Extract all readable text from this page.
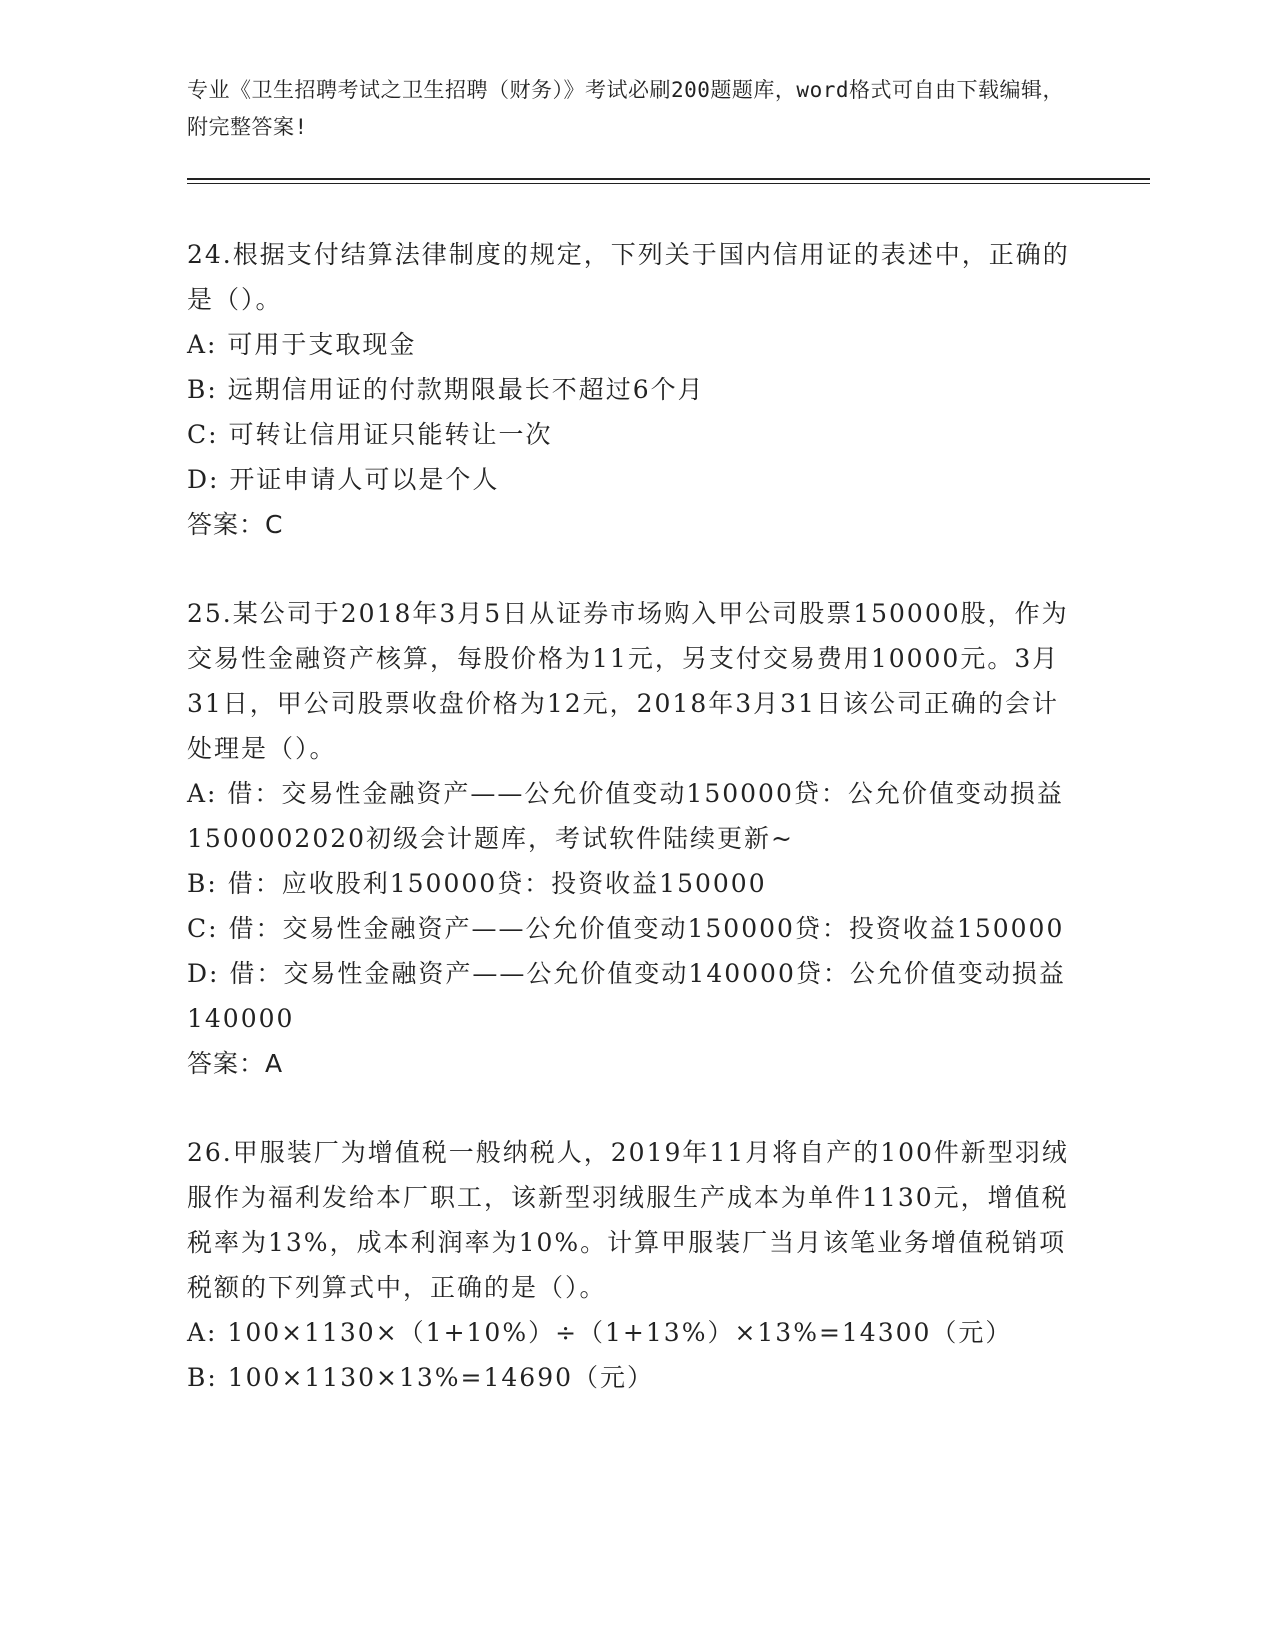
专业《卫生招聘考试之卫生招聘（财务）》考试必刷200题题库，word格式可自由下载编辑，附完整答案!

24.根据支付结算法律制度的规定，下列关于国内信用证的表述中，正确的是（）。

A: 可用于支取现金

B: 远期信用证的付款期限最长不超过6个月

C: 可转让信用证只能转让一次

D: 开证申请人可以是个人

答案：C

25.某公司于2018年3月5日从证券市场购入甲公司股票150000股，作为交易性金融资产核算，每股价格为11元，另支付交易费用10000元。3月31日，甲公司股票收盘价格为12元，2018年3月31日该公司正确的会计处理是（）。

A: 借：交易性金融资产——公允价值变动150000贷：公允价值变动损益1500002020初级会计题库，考试软件陆续更新~

B: 借：应收股利150000贷：投资收益150000

C: 借：交易性金融资产——公允价值变动150000贷：投资收益150000

D: 借：交易性金融资产——公允价值变动140000贷：公允价值变动损益140000

答案：A

26.甲服装厂为增值税一般纳税人，2019年11月将自产的100件新型羽绒服作为福利发给本厂职工，该新型羽绒服生产成本为单件1130元，增值税税率为13%，成本利润率为10%。计算甲服装厂当月该笔业务增值税销项税额的下列算式中，正确的是（）。

A: 100×1130×（1+10%）÷（1+13%）×13%=14300（元）

B: 100×1130×13%=14690（元）
